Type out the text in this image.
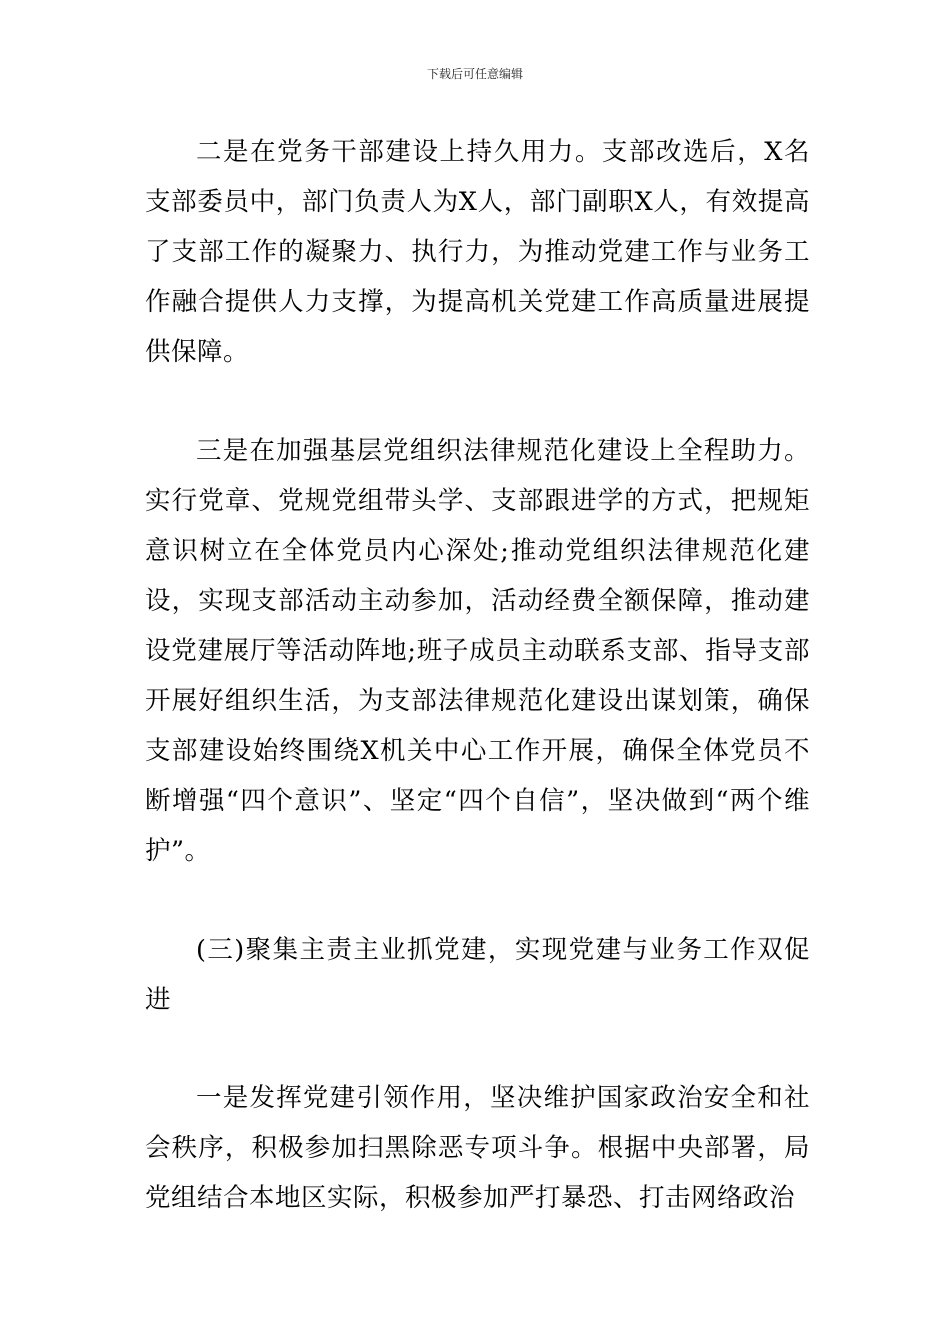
下载后可任意编辑

二是在党务干部建设上持久用力。支部改选后，X名支部委员中，部门负责人为X人，部门副职X人，有效提高了支部工作的凝聚力、执行力，为推动党建工作与业务工作融合提供人力支撑，为提高机关党建工作高质量进展提供保障。

三是在加强基层党组织法律规范化建设上全程助力。实行党章、党规党组带头学、支部跟进学的方式，把规矩意识树立在全体党员内心深处;推动党组织法律规范化建设，实现支部活动主动参加，活动经费全额保障，推动建设党建展厅等活动阵地;班子成员主动联系支部、指导支部开展好组织生活，为支部法律规范化建设出谋划策，确保支部建设始终围绕X机关中心工作开展，确保全体党员不断增强“四个意识”、坚定“四个自信”，坚决做到“两个维护”。

(三)聚集主责主业抓党建，实现党建与业务工作双促进

一是发挥党建引领作用，坚决维护国家政治安全和社会秩序，积极参加扫黑除恶专项斗争。根据中央部署，局党组结合本地区实际，积极参加严打暴恐、打击网络政治
